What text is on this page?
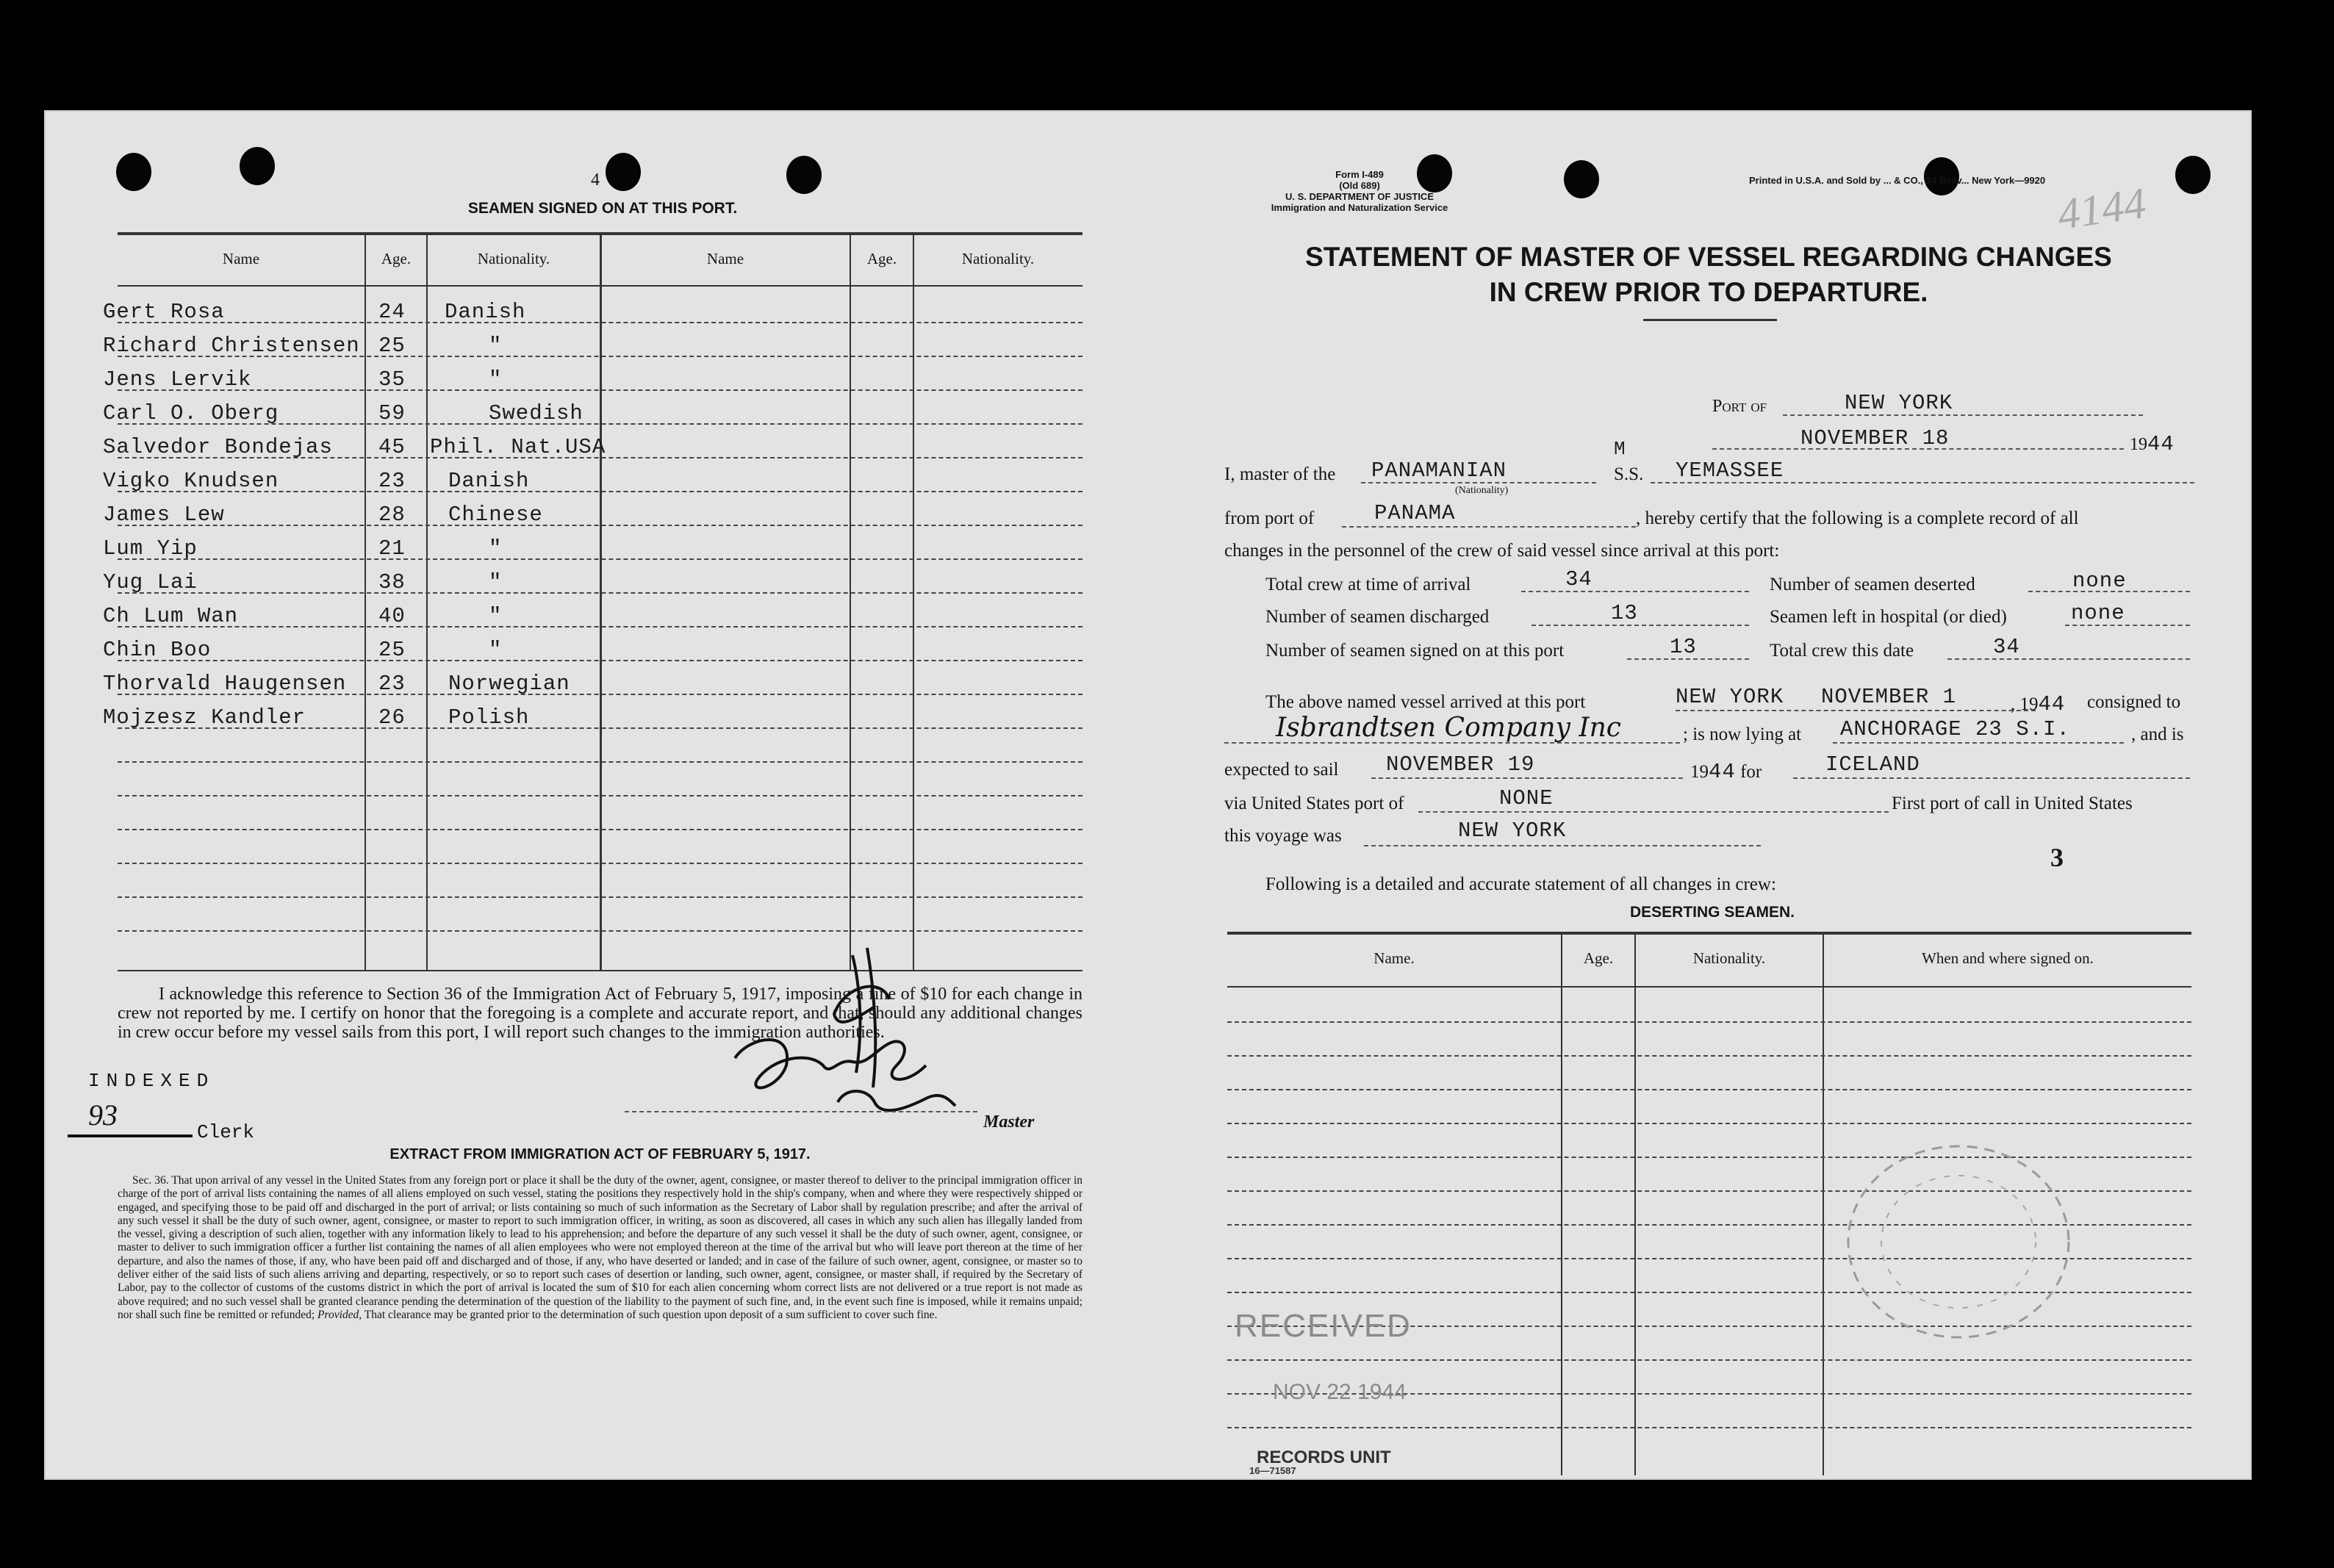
4
SEAMEN SIGNED ON AT THIS PORT.
Name	Age.	Nationality.	Name	Age.	Nationality.
Gert Rosa	24 Danish
Richard Christensen 25	"
Jens Lervik	35	"
Carl O. Oberg	59	Swedish
Salvedor Bondejas 45 Phil. Nat.USA
Vigko Knudsen	23 Danish
James Lew	28 Chinese
Lum Yip	21	"
Yug Lai	38	"
Ch Lum Wan	40	"
Chin Boo	25	"
Thorvald Haugensen 23 Norwegian
Mojzesz Kandler	26 Polish
I acknowledge this reference to Section 36 of the Immigration Act of February 5, 1917, imposing a fine of $10 for each change in crew not reported by me. I certify on honor that the foregoing is a complete and accurate report, and that, should any additional changes in crew occur before my vessel sails from this port, I will report such changes to the immigration authorities.
INDEXED
93
Clerk	Master
EXTRACT FROM IMMIGRATION ACT OF FEBRUARY 5, 1917.
Sec. 36. That upon arrival of any vessel in the United States from any foreign port or place it shall be the duty of the owner, agent, consignee, or master thereof to deliver to the principal immigration officer in charge of the port of arrival lists containing the names of all aliens employed on such vessel, stating the positions they respectively hold in the ship's company, when and where they were respectively shipped or engaged, and specifying those to be paid off and discharged in the port of arrival; or lists containing so much of such information as the Secretary of Labor shall by regulation prescribe; and after the arrival of any such vessel it shall be the duty of such owner, agent, consignee, or master to report to such immigration officer, in writing, as soon as discovered, all cases in which any such alien has illegally landed from the vessel, giving a description of such alien, together with any information likely to lead to his apprehension; and before the departure of any such vessel it shall be the duty of such owner, agent, consignee, or master to deliver to such immigration officer a further list containing the names of all alien employees who were not employed thereon at the time of the arrival but who will leave port thereon at the time of her departure, and also the names of those, if any, who have been paid off and discharged and of those, if any, who have deserted or landed; and in case of the failure of such owner, agent, consignee, or master so to deliver either of the said lists of such aliens arriving and departing, respectively, or so to report such cases of desertion or landing, such owner, agent, consignee, or master shall, if required by the Secretary of Labor, pay to the collector of customs of the customs district in which the port of arrival is located the sum of $10 for each alien concerning whom correct lists are not delivered or a true report is not made as above required; and no such vessel shall be granted clearance pending the determination of the question of the liability to the payment of such fine, and, in the event such fine is imposed, while it remains unpaid; nor shall such fine be remitted or refunded; Provided, That clearance may be granted prior to the determination of such question upon deposit of a sum sufficient to cover such fine.
Form I-489
(Old 689)
U. S. DEPARTMENT OF JUSTICE
Immigration and Naturalization Service
Printed in U.S.A. and Sold by ... & CO., 24 Beav... New York—9920 4144
STATEMENT OF MASTER OF VESSEL REGARDING CHANGES
IN CREW PRIOR TO DEPARTURE.
Port of	NEW YORK
NOVEMBER 18	1944
I, master of the PANAMANIAN
(Nationality)
M
S.S. YEMASSEE
from port of	PANAMA	, hereby certify that the following is a complete record of all
changes in the personnel of the crew of said vessel since arrival at this port:
Total crew at time of arrival	34	Number of seamen deserted	none
Number of seamen discharged	13	Seamen left in hospital (or died)	none
Number of seamen signed on at this port	13	Total crew this date	34
The above named vessel arrived at this port	NEW YORK NOVEMBER 1	, 1944 consigned to
Isbrandtsen Company Inc	; is now lying at ANCHORAGE 23 S.I.	, and is
expected to sail NOVEMBER 19	1944 for	ICELAND
via United States port of	NONE	First port of call in United States
this voyage was	NEW YORK
3
Following is a detailed and accurate statement of all changes in crew:
DESERTING SEAMEN.
Name.	Age.	Nationality.	When and where signed on.
RECEIVED
NOV 22 1944
RECORDS UNIT
16—71587
